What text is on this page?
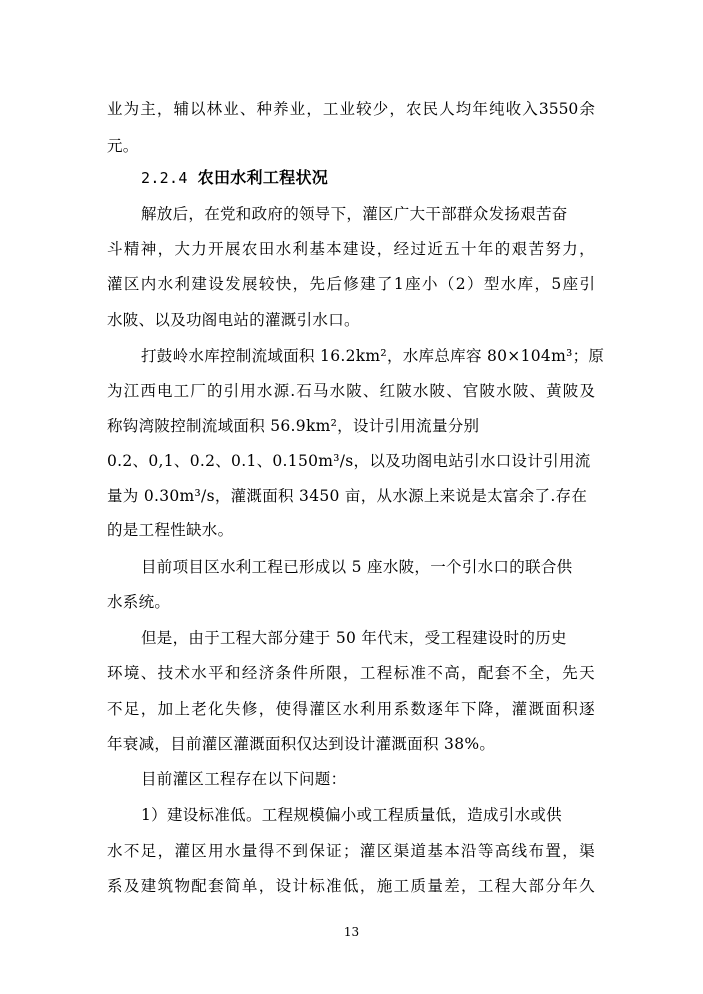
业 为 主 ， 辅 以 林 业 、 种 养 业 ， 工 业 较 少 ， 农 民 人 均 年 纯 收 入 3550 余
元。
2.2.4 农田水利工程状况
解放后，在党和政府的领导下，灌区广大干部群众发扬艰苦奋
斗 精 神 ， 大 力 开 展 农 田 水 利 基 本 建 设 ， 经 过 近 五 十 年 的 艰 苦 努 力 ，
灌 区 内 水 利 建 设 发 展 较 快 ， 先 后 修 建 了 1 座 小 （ 2 ） 型 水 库 ， 5 座 引
水陂、以及功阁电站的灌溉引水口。
打鼓岭水库控制流域面积 16.2km²，水库总库容 80×104m³；原
为 江 西 电 工 厂 的 引 用 水 源 . 石 马 水 陂 、 红 陂 水 陂 、 官 陂 水 陂 、 黄 陂 及
称钩湾陂控制流域面积 56.9km²，设计引用流量分别
0.2、0,1、0.2、0.1、0.150m³/s，以及功阁电站引水口设计引用流
量为 0.30m³/s，灌溉面积 3450 亩，从水源上来说是太富余了.存在
的是工程性缺水。
目前项目区水利工程已形成以 5 座水陂，一个引水口的联合供
水系统。
但是，由于工程大部分建于 50 年代末，受工程建设时的历史
环 境 、 技 术 水 平 和 经 济 条 件 所 限 ， 工 程 标 准 不 高 ， 配 套 不 全 ， 先 天
不 足 ， 加 上 老 化 失 修 ， 使 得 灌 区 水 利 用 系 数 逐 年 下 降 ， 灌 溉 面 积 逐
年衰减，目前灌区灌溉面积仅达到设计灌溉面积 38%。
目前灌区工程存在以下问题：
1）建设标准低。工程规模偏小或工程质量低，造成引水或供
水 不 足 ， 灌 区 用 水 量 得 不 到 保 证 ； 灌 区 渠 道 基 本 沿 等 高 线 布 置 ， 渠
系 及 建 筑 物 配 套 简 单 ， 设 计 标 准 低 ， 施 工 质 量 差 ， 工 程 大 部 分 年 久
13
